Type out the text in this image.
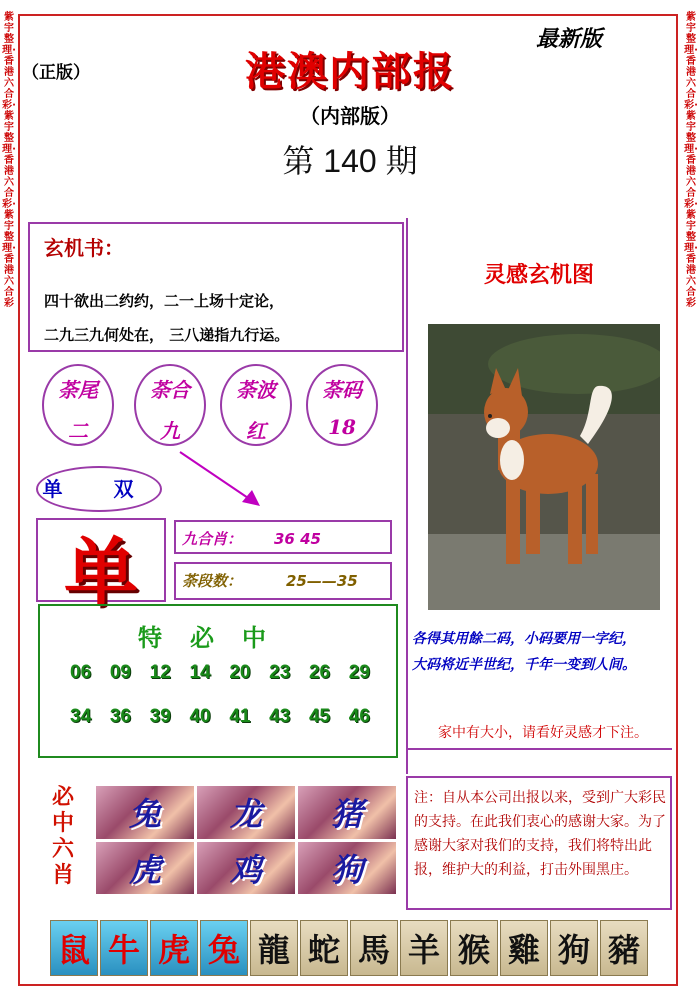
紫宇整理·香港六合彩·紫宇整理·香港六合彩·紫宇整理·香港六合彩
紫宇整理·香港六合彩·紫宇整理·香港六合彩·紫宇整理·香港六合彩
（正版）
最新版
港澳内部报
（内部版）
第 140 期
玄机书：
四十欲出二约约，二一上场十定论，
二九三九何处在， 三八递指九行运。
荼尾
二
荼合
九
荼波
红
荼码
18
单 双
单	九合肖： 36 45
荼段数：	25——35
特必中
06 09 12 14 20 23 26 29
34 36 39 40 41 43 45 46
必中六肖
兔	龙	猪
虎	鸡	狗
灵感玄机图
各得其用餘二码，小码要用一字纪，
大码将近半世纪，千年一变到人间。
家中有大小，请看好灵感才下注。
注：自从本公司出报以来，受到广大彩民的支持。在此我们衷心的感谢大家。为了感谢大家对我们的支持，我们将特出此报，维护大的利益，打击外围黑庄。
鼠 牛 虎 兔 龍 蛇 馬 羊 猴 雞 狗 豬
